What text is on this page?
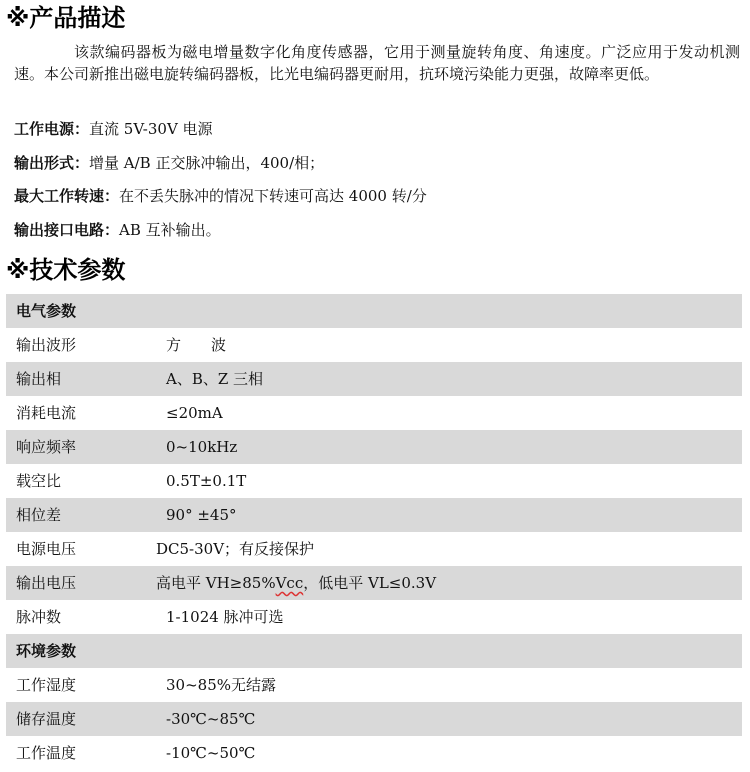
※产品描述
该款编码器板为磁电增量数字化角度传感器，它用于测量旋转角度、角速度。广泛应用于发动机测速。本公司新推出磁电旋转编码器板，比光电编码器更耐用，抗环境污染能力更强，故障率更低。
工作电源：直流 5V-30V 电源
输出形式：增量 A/B 正交脉冲输出，400/相；
最大工作转速：在不丢失脉冲的情况下转速可高达 4000 转/分
输出接口电路：AB 互补输出。
※技术参数
电气参数
输出波形	方　　波
输出相	A、B、Z 三相
消耗电流	≤20mA
响应频率	0~10kHz
载空比	0.5T±0.1T
相位差	90° ±45°
电源电压	DC5-30V；有反接保护
输出电压	高电平 VH≥85%Vcc，低电平 VL≤0.3V
脉冲数	1-1024 脉冲可选
环境参数
工作湿度	30~85%无结露
储存温度	-30℃~85℃
工作温度	-10℃~50℃
